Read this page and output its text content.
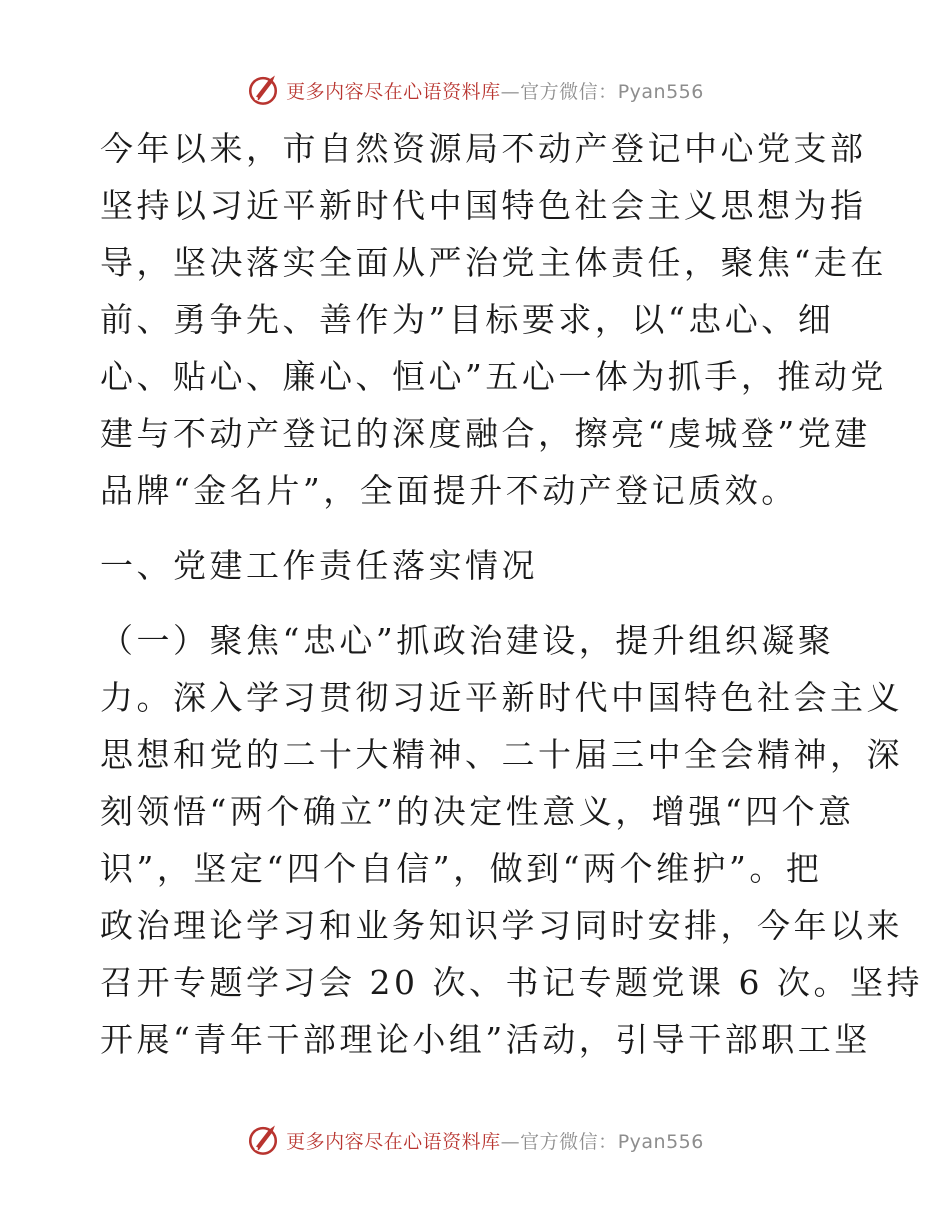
更多内容尽在心语资料库—官方微信：Pyan556

今年以来，市自然资源局不动产登记中心党支部
坚持以习近平新时代中国特色社会主义思想为指
导，坚决落实全面从严治党主体责任，聚焦“走在
前、勇争先、善作为”目标要求，以“忠心、细
心、贴心、廉心、恒心”五心一体为抓手，推动党
建与不动产登记的深度融合，擦亮“虔城登”党建
品牌“金名片”，全面提升不动产登记质效。

一、党建工作责任落实情况

（一）聚焦“忠心”抓政治建设，提升组织凝聚
力。深入学习贯彻习近平新时代中国特色社会主义
思想和党的二十大精神、二十届三中全会精神，深
刻领悟“两个确立”的决定性意义，增强“四个意
识”，坚定“四个自信”，做到“两个维护”。把
政治理论学习和业务知识学习同时安排，今年以来
召开专题学习会 20 次、书记专题党课 6 次。坚持
开展“青年干部理论小组”活动，引导干部职工坚

更多内容尽在心语资料库—官方微信：Pyan556
